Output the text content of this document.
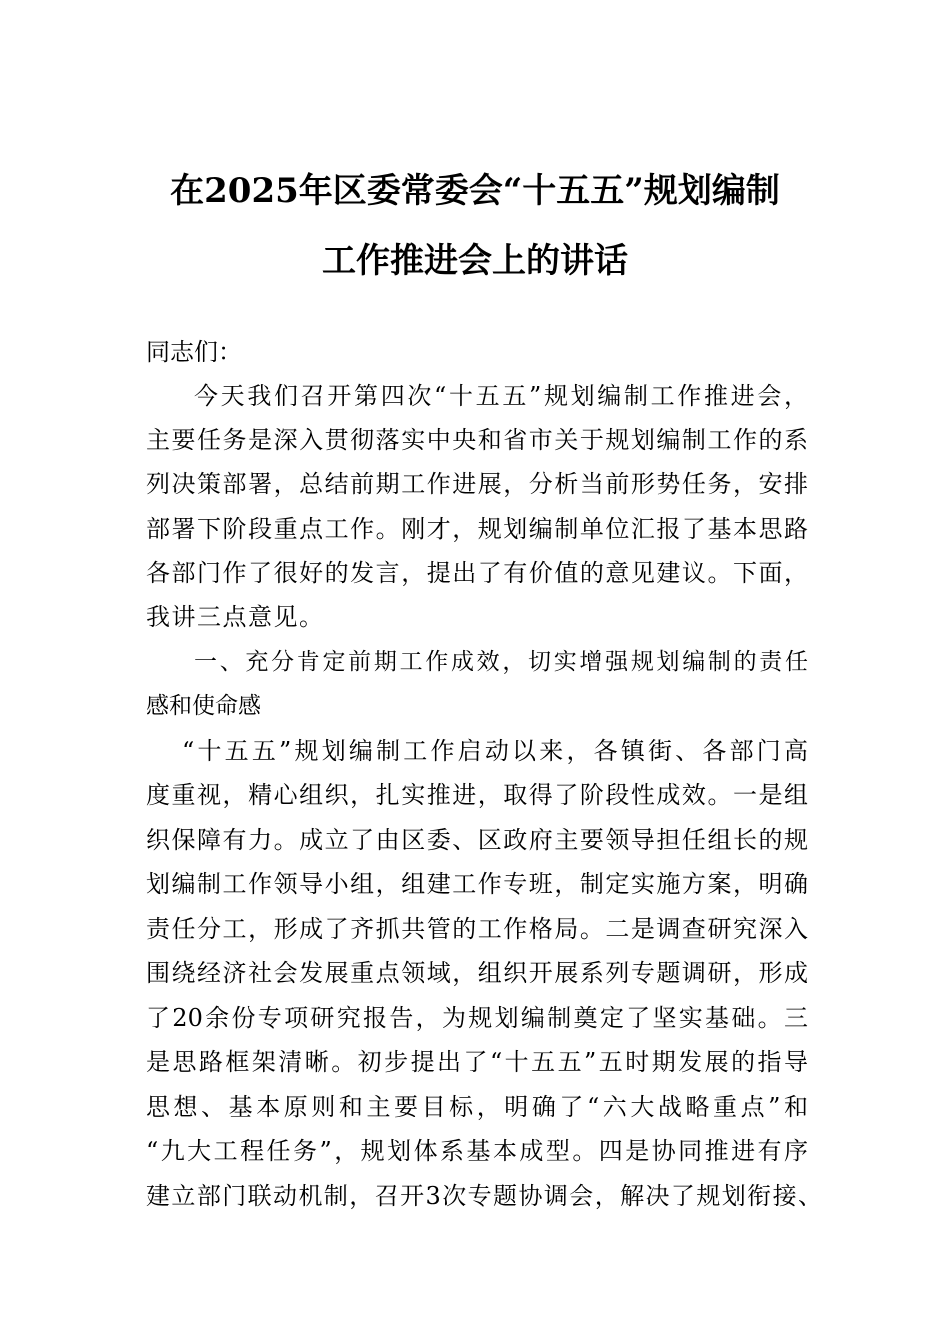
在2025年区委常委会“十五五”规划编制
工作推进会上的讲话
同志们：
今天我们召开第四次“十五五”规划编制工作推进会，
主要任务是深入贯彻落实中央和省市关于规划编制工作的系
列决策部署，总结前期工作进展，分析当前形势任务，安排
部署下阶段重点工作。刚才，规划编制单位汇报了基本思路
各部门作了很好的发言，提出了有价值的意见建议。下面，
我讲三点意见。
一、充分肯定前期工作成效，切实增强规划编制的责任
感和使命感
“十五五”规划编制工作启动以来，各镇街、各部门高
度重视，精心组织，扎实推进，取得了阶段性成效。一是组
织保障有力。成立了由区委、区政府主要领导担任组长的规
划编制工作领导小组，组建工作专班，制定实施方案，明确
责任分工，形成了齐抓共管的工作格局。二是调查研究深入
围绕经济社会发展重点领域，组织开展系列专题调研，形成
了20余份专项研究报告，为规划编制奠定了坚实基础。三
是思路框架清晰。初步提出了“十五五”五时期发展的指导
思想、基本原则和主要目标，明确了“六大战略重点”和
“九大工程任务”，规划体系基本成型。四是协同推进有序
建立部门联动机制，召开3次专题协调会，解决了规划衔接、
